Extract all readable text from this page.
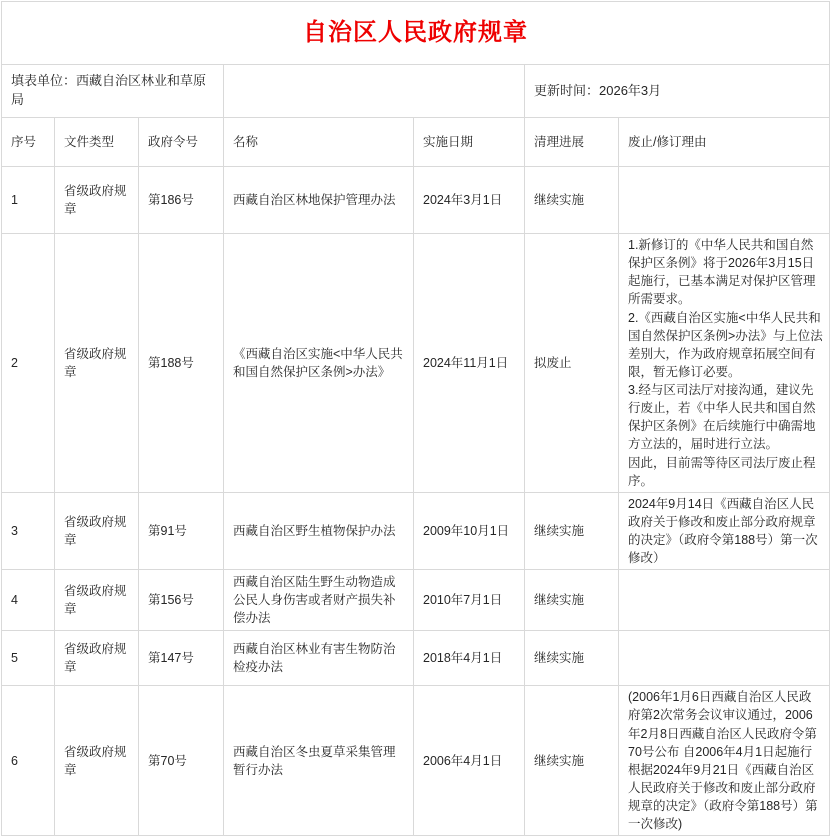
自治区人民政府规章						
填表单位：西藏自治区林业和草原局					更新时间：2026年3月	
序号	文件类型	政府令号	名称	实施日期	清理进展	废止/修订理由
1	省级政府规章	第186号	西藏自治区林地保护管理办法	2024年3月1日	继续实施	
2	省级政府规章	第188号	《西藏自治区实施<中华人民共和国自然保护区条例>办法》	2024年11月1日	拟废止	1.新修订的《中华人民共和国自然保护区条例》将于2026年3月15日起施行，已基本满足对保护区管理所需要求。
2.《西藏自治区实施<中华人民共和国自然保护区条例>办法》与上位法差别大，作为政府规章拓展空间有限，暂无修订必要。
3.经与区司法厅对接沟通，建议先行废止，若《中华人民共和国自然保护区条例》在后续施行中确需地方立法的，届时进行立法。
因此，目前需等待区司法厅废止程序。
3	省级政府规章	第91号	西藏自治区野生植物保护办法	2009年10月1日	继续实施	2024年9月14日《西藏自治区人民政府关于修改和废止部分政府规章的决定》（政府令第188号）第一次修改）
4	省级政府规章	第156号	西藏自治区陆生野生动物造成公民人身伤害或者财产损失补偿办法	2010年7月1日	继续实施	
5	省级政府规章	第147号	西藏自治区林业有害生物防治检疫办法	2018年4月1日	继续实施	
6	省级政府规章	第70号	西藏自治区冬虫夏草采集管理暂行办法	2006年4月1日	继续实施	(2006年1月6日西藏自治区人民政府第2次常务会议审议通过，2006年2月8日西藏自治区人民政府令第70号公布 自2006年4月1日起施行 根据2024年9月21日《西藏自治区人民政府关于修改和废止部分政府规章的决定》（政府令第188号）第一次修改)
